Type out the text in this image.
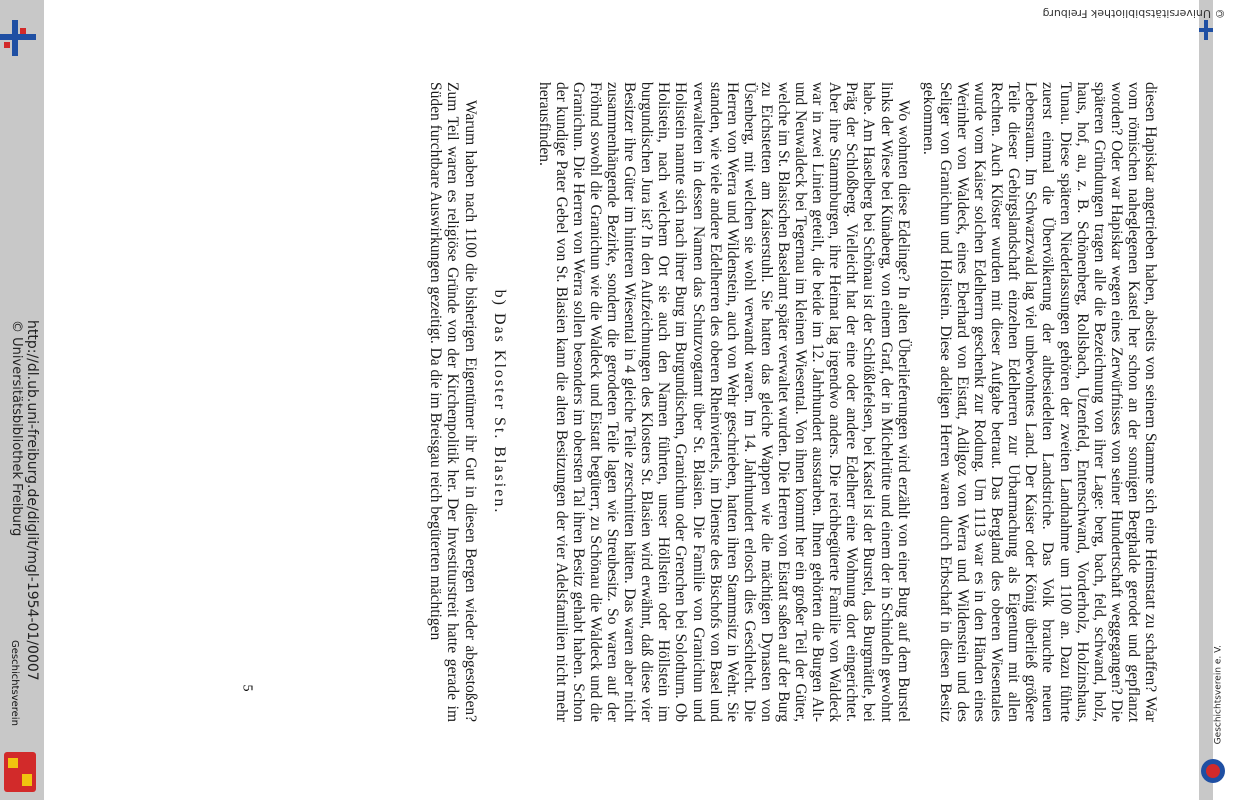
© Universitätsbibliothek Freiburg

diesen Hapiskar angetrieben haben, abseits von seinem Stamme sich eine Heimstatt zu schaffen? War vom römischen naheglegenen Kastel her schon an der sonnigen Berghalde gerodet und gepflanzt worden? Oder war Hapiskar wegen eines Zerwürfnisses von seiner Hundertschaft weggegangen? Die späteren Gründungen tragen alle die Bezeichnung von ihrer Lage: berg, bach, feld, schwand, holz, haus, hof, au, z. B. Schönenberg, Rollsbach, Utzenfeld, Entenschwand, Vorderholz, Holzinshaus, Tunau. Diese späteren Niederlassungen gehören der zweiten Landnahme um 1100 an. Dazu führte zuerst einmal die Übervölkerung der altbesiedelten Landstriche. Das Volk brauchte neuen Lebensraum. Im Schwarzwald lag viel unbewohntes Land. Der Kaiser oder König überließ größere Teile dieser Gebirgslandschaft einzelnen Edelherren zur Urbarmachung als Eigentum mit allen Rechten. Auch Klöster wurden mit dieser Aufgabe betraut. Das Bergland des oberen Wiesentales wurde vom Kaiser solchen Edelherrn geschenkt zur Rodung. Um 1113 war es in den Händen eines Werinher von Waldeck, eines Eberhard von Eistatt, Adilgoz von Werra und Wildenstein und des Seliger von Granichun und Holistein. Diese adeligen Herren waren durch Erbschaft in diesen Besitz gekommen.

Wo wohnten diese Edelinge? In alten Überlieferungen wird erzählt von einer Burg auf dem Burstel links der Wiese bei Künaberg, von einem Graf, der in Michelrütte und einem der in Schindeln gewohnt habe. Am Haselberg bei Schönau ist der Schlößlefelsen, bei Kastel ist der Burstel, das Burgmättle, bei Präg der Schloßberg. Vielleicht hat der eine oder andere Edelherr eine Wohnung dort eingerichtet. Aber ihre Stammburgen, ihre Heimat lag irgendwo anders. Die reichbegüterte Familie von Waldeck war in zwei Linien geteilt, die beide im 12. Jahrhundert ausstarben. Ihnen gehörten die Burgen Alt- und Neuwaldeck bei Tegernau im kleinen Wiesental. Von ihnen kommt her ein großer Teil der Güter, welche im St. Blasischen Baselamt später verwaltet wurden. Die Herren von Eistatt saßen auf der Burg zu Eichstetten am Kaiserstuhl. Sie hatten das gleiche Wappen wie die mächtigen Dynasten von Üsenberg, mit welchen sie wohl verwandt waren. Im 14. Jahrhundert erlosch dies Geschlecht. Die Herren von Werra und Wildenstein, auch von Wehr geschrieben, hatten ihren Stammsitz in Wehr. Sie standen, wie viele andere Edelherren des oberen Rheinviertels, im Dienste des Bischofs von Basel und verwalteten in dessen Namen das Schutzvogtamt über St. Blasien. Die Familie von Granichun und Holistein nannte sich nach ihrer Burg im Burgundischen, Granichun oder Grenchen bei Solothurn. Ob Holistein, nach welchem Ort sie auch den Namen führten, unser Höllstein oder Höllstein im burgundischen Jura ist? In den Aufzeichnungen des Klosters St. Blasien wird erwähnt, daß diese vier Besitzer ihre Güter im hinteren Wiesental in 4 gleiche Teile zerschnitten hätten. Das waren aber nicht zusammenhängende Bezirke, sondern die gerodeten Teile lagen wie Streubesitz. So waren auf der Fröhnd sowohl die Granichun wie die Waldeck und Eistatt begüterт, zu Schönau die Waldeck und die Granichun. Die Herren von Werra sollen besonders im obersten Tal ihren Besitz gehabt haben. Schon der kundige Pater Gebel von St. Blasien kann die alten Besitzungen der vier Adelsfamilien nicht mehr herausfinden.

b) Das Kloster St. Blasien.

Warum haben nach 1100 die bisherigen Eigentümer ihr Gut in diesen Bergen wieder abgestoßen? Zum Teil waren es religiöse Gründe von der Kirchenpolitik her. Der Investiturstreit hatte gerade im Süden furchtbare Auswirkungen gezeitigt. Da die im Breisgau reich begüterten mächtigen

5
http://dl.ub.uni-freiburg.de/diglit/mgl-1954-01/0007
© Universitätsbibliothek Freiburg
Geschichtsverein	Geschichtsverein e. V.
